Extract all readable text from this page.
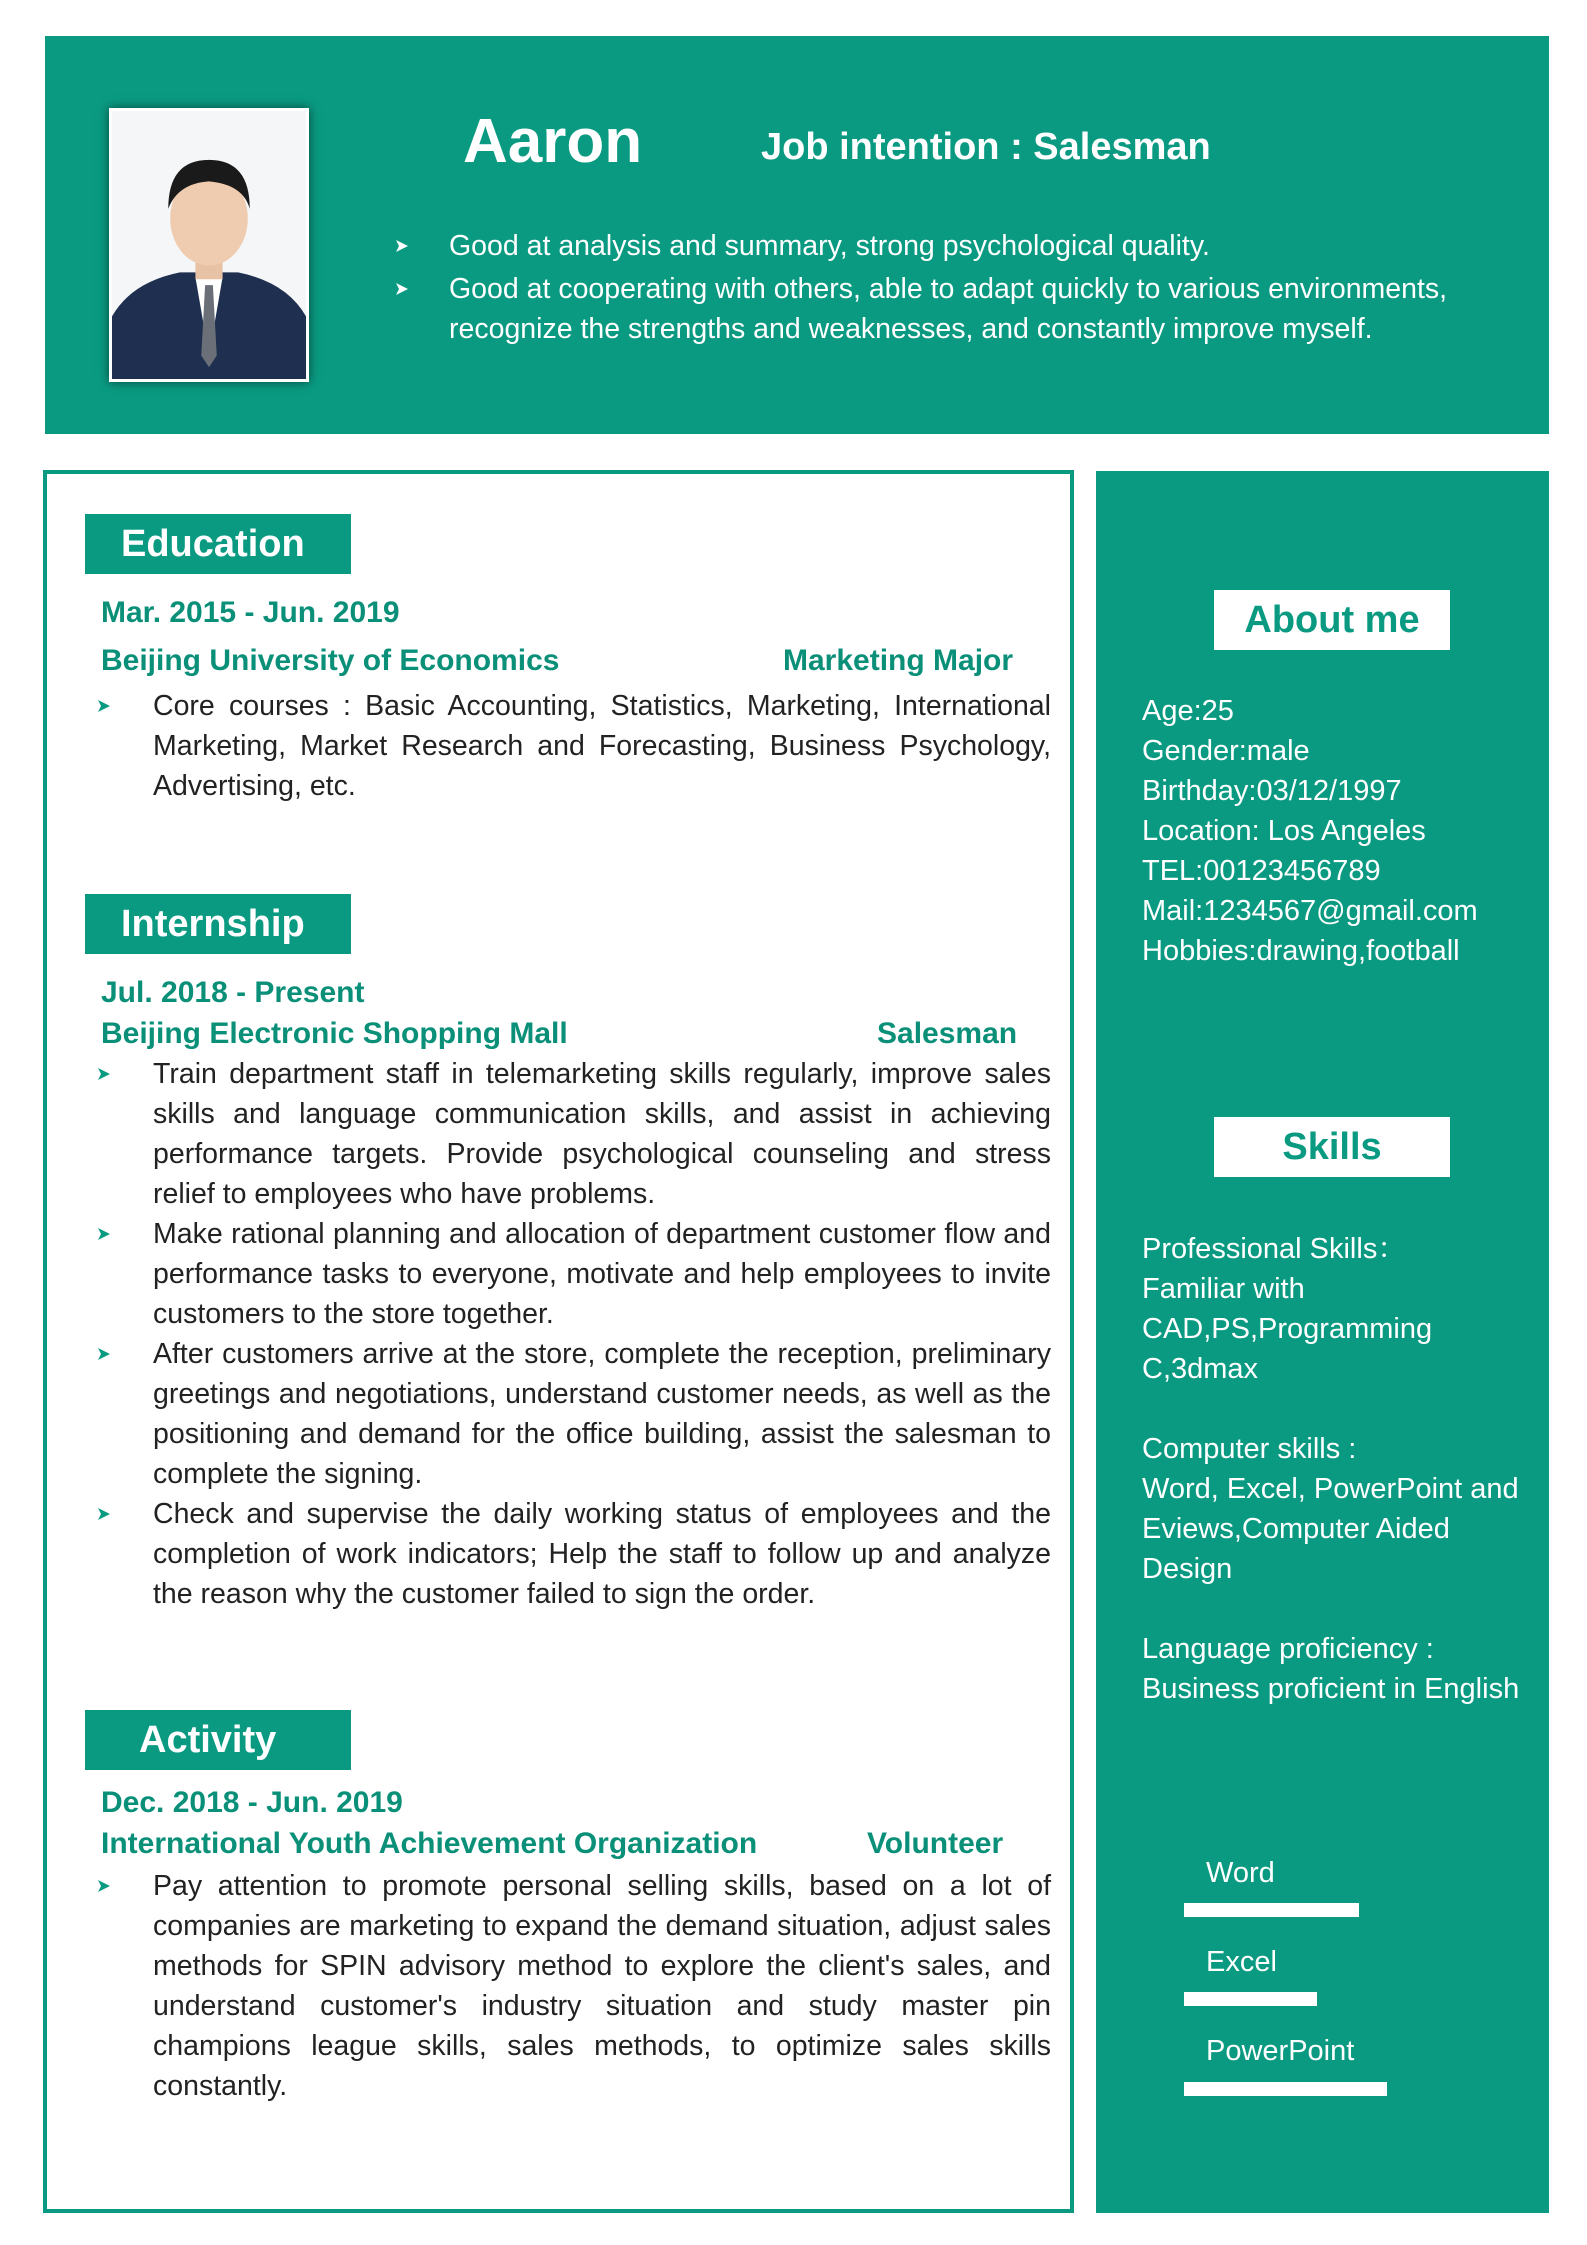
Aaron	Job intention : Salesman
Good at analysis and summary, strong psychological quality.
Good at cooperating with others, able to adapt quickly to various environments, recognize the strengths and weaknesses, and constantly improve myself.
Education
Mar. 2015 - Jun. 2019
Beijing University of Economics	Marketing Major
Core courses : Basic Accounting, Statistics, Marketing, International Marketing, Market Research and Forecasting, Business Psychology, Advertising, etc.
Internship
Jul. 2018 - Present
Beijing Electronic Shopping Mall	Salesman
Train department staff in telemarketing skills regularly, improve sales skills and language communication skills, and assist in achieving performance targets. Provide psychological counseling and stress relief to employees who have problems.
Make rational planning and allocation of department customer flow and performance tasks to everyone, motivate and help employees to invite customers to the store together.
After customers arrive at the store, complete the reception, preliminary greetings and negotiations, understand customer needs, as well as the positioning and demand for the office building, assist the salesman to complete the signing.
Check and supervise the daily working status of employees and the completion of work indicators; Help the staff to follow up and analyze the reason why the customer failed to sign the order.
Activity
Dec. 2018 - Jun. 2019
International Youth Achievement Organization	Volunteer
Pay attention to promote personal selling skills, based on a lot of companies are marketing to expand the demand situation, adjust sales methods for SPIN advisory method to explore the client's sales, and understand customer's industry situation and study master pin champions league skills, sales methods, to optimize sales skills constantly.
About me
Age:25
Gender:male
Birthday:03/12/1997
Location: Los Angeles
TEL:00123456789
Mail:1234567@gmail.com
Hobbies:drawing,football
Skills
Professional Skills：
Familiar with
CAD,PS,Programming
C,3dmax
Computer skills :
Word, Excel, PowerPoint and
Eviews,Computer Aided
Design
Language proficiency :
Business proficient in English
Word
Excel
PowerPoint
